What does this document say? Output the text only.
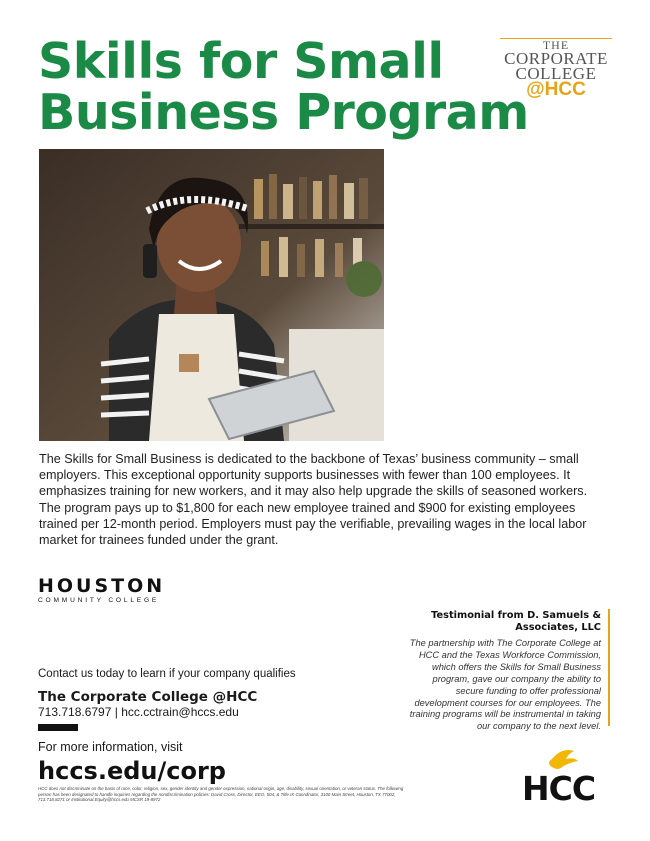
Skills for Small
Business Program
THE
CORPORATE
COLLEGE
@HCC

The Skills for Small Business is dedicated to the backbone of Texas’ business community – small employers. This exceptional opportunity supports businesses with fewer than 100 employees. It emphasizes training for new workers, and it may also help upgrade the skills of seasoned workers. The program pays up to $1,800 for each new employee trained and $900 for existing employees trained per 12-month period. Employers must pay the verifiable, prevailing wages in the local labor market for trainees funded under the grant.

HOUSTON
COMMUNITY COLLEGE

Testimonial from D. Samuels & Associates, LLC

The partnership with The Corporate College at HCC and the Texas Workforce Commission, which offers the Skills for Small Business program, gave our company the ability to secure funding to offer professional development courses for our employees. The training programs will be instrumental in taking our company to the next level.

Contact us today to learn if your company qualifies

The Corporate College @HCC

713.718.6797 | hcc.cctrain@hccs.edu

For more information, visit

hccs.edu/corp

HCC does not discriminate on the basis of race, color, religion, sex, gender identity and gender expression, national origin, age, disability, sexual orientation, or veteran status. The following person has been designated to handle inquiries regarding the nondiscrimination policies: David Cross, Director, EEO, 504, & Title IX Coordinator, 3100 Main Street, Houston, TX 77002, 713.718.8271 or Institutional.Equity@hccs.edu MCSR 19-8972	HCC
